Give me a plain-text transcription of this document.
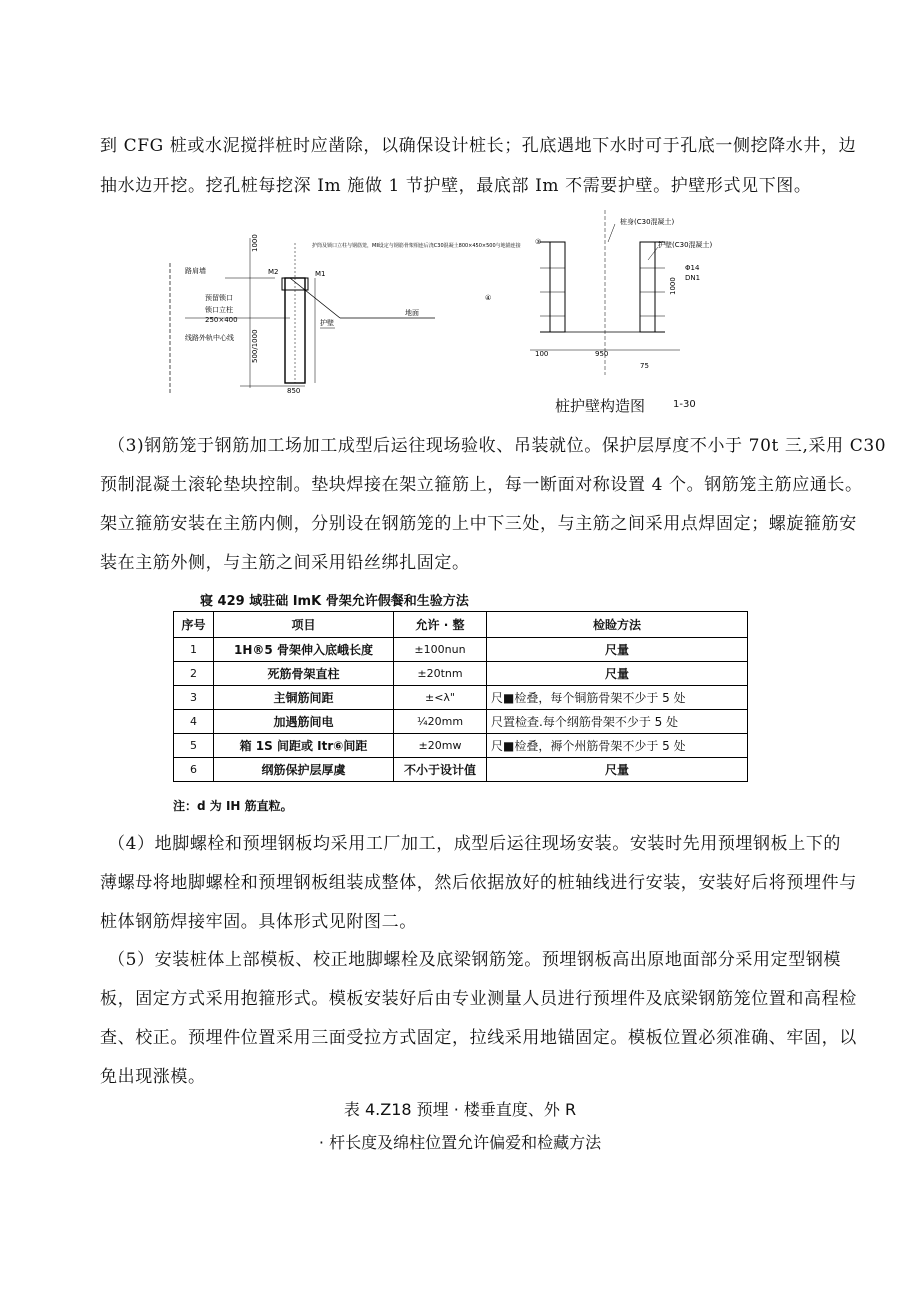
到 CFG 桩或水泥搅拌桩时应凿除，以确保设计桩长；孔底遇地下水时可于孔底一侧挖降水井，边
抽水边开挖。挖孔桩每挖深 Im 施做 1 节护壁，最底部 Im 不需要护壁。护壁形式见下图。
路肩墙
预留锁口
锁口立柱
250×400
线路外轨中心线
M2	M1
地面
护壁
1000
500/1000
850
护筒及锁口立柱与钢筋笼，MⅡ设定与钢筋骨架相连后浇C30混凝土800×450×500与地锚连接
桩身(C30混凝土)
护壁(C30混凝土)
Φ14
DN1
100	950
75
③
④
1000
桩护壁构造图	1-30
（3)钢筋笼于钢筋加工场加工成型后运往现场验收、吊装就位。保护层厚度不小于 70t 三,采用 C30
预制混凝土滚轮垫块控制。垫块焊接在架立箍筋上，每一断面对称设置 4 个。钢筋笼主筋应通长。
架立箍筋安装在主筋内侧，分别设在钢筋笼的上中下三处，与主筋之间采用点焊固定；螺旋箍筋安
装在主筋外侧，与主筋之间采用铅丝绑扎固定。
寝 429 域驻础 ImK 骨架允许假餐和生验方法
序号	项目	允许 · 整	检睑方法
1	1H®5 骨架伸入底峨长度	±100nun	尺量
2	死筋骨架直柱	±20tnm	尺量
3	主铜筋间距	±<λ"	尺■检叠，每个铜筋骨架不少于 5 处
4	加遇筋间电	¼20mm	尺置检查.每个纲筋骨架不少于 5 处
5	箱 1S 间距或 Itr⑥间距	±20mw	尺■检叠，褥个州筋骨架不少于 5 处
6	纲筋保护层厚虞	不小于设计值	尺量
注：d 为 IH 筋直粒。
（4）地脚螺栓和预埋钢板均采用工厂加工，成型后运往现场安装。安装时先用预埋钢板上下的
薄螺母将地脚螺栓和预埋钢板组装成整体，然后依据放好的桩轴线进行安装，安装好后将预埋件与
桩体钢筋焊接牢固。具体形式见附图二。
（5）安装桩体上部模板、校正地脚螺栓及底梁钢筋笼。预埋钢板高出原地面部分采用定型钢模
板，固定方式采用抱箍形式。模板安装好后由专业测量人员进行预埋件及底梁钢筋笼位置和高程检
查、校正。预埋件位置采用三面受拉方式固定，拉线采用地锚固定。模板位置必须准确、牢固，以
免出现涨模。
表 4.Z18 预埋 · 楼垂直度、外 R
· 杆长度及绵柱位置允许偏爱和检藏方法
